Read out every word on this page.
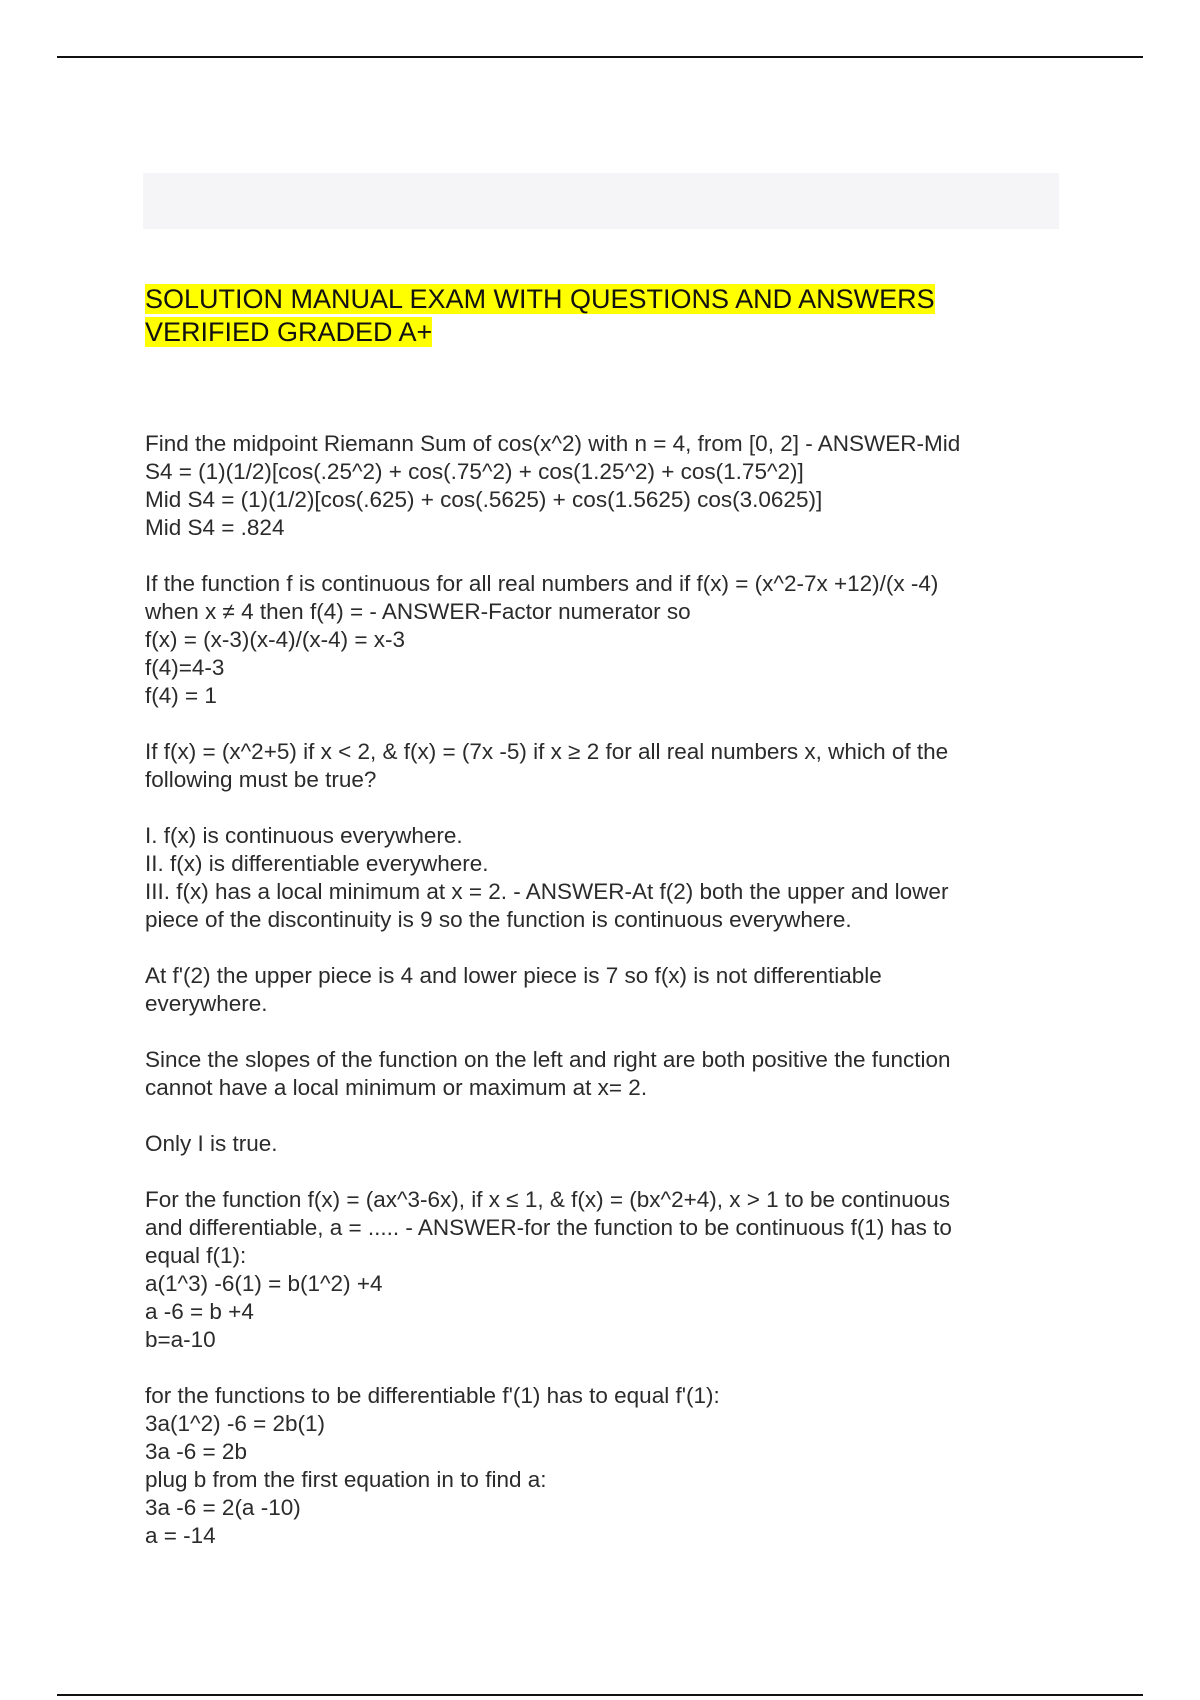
SOLUTION MANUAL EXAM WITH QUESTIONS AND ANSWERS
VERIFIED GRADED A+

Find the midpoint Riemann Sum of cos(x^2) with n = 4, from [0, 2] - ANSWER-Mid
S4 = (1)(1/2)[cos(.25^2) + cos(.75^2) + cos(1.25^2) + cos(1.75^2)]
Mid S4 = (1)(1/2)[cos(.625) + cos(.5625) + cos(1.5625) cos(3.0625)]
Mid S4 = .824

If the function f is continuous for all real numbers and if f(x) = (x^2-7x +12)/(x -4)
when x ≠ 4 then f(4) = - ANSWER-Factor numerator so
f(x) = (x-3)(x-4)/(x-4) = x-3
f(4)=4-3
f(4) = 1

If f(x) = (x^2+5) if x < 2, & f(x) = (7x -5) if x ≥ 2 for all real numbers x, which of the
following must be true?

I. f(x) is continuous everywhere.
II. f(x) is differentiable everywhere.
III. f(x) has a local minimum at x = 2. - ANSWER-At f(2) both the upper and lower
piece of the discontinuity is 9 so the function is continuous everywhere.

At f'(2) the upper piece is 4 and lower piece is 7 so f(x) is not differentiable
everywhere.

Since the slopes of the function on the left and right are both positive the function
cannot have a local minimum or maximum at x= 2.

Only I is true.

For the function f(x) = (ax^3-6x), if x ≤ 1, & f(x) = (bx^2+4), x > 1 to be continuous
and differentiable, a = ..... - ANSWER-for the function to be continuous f(1) has to
equal f(1):
a(1^3) -6(1) = b(1^2) +4
a -6 = b +4
b=a-10

for the functions to be differentiable f'(1) has to equal f'(1):
3a(1^2) -6 = 2b(1)
3a -6 = 2b
plug b from the first equation in to find a:
3a -6 = 2(a -10)
a = -14
